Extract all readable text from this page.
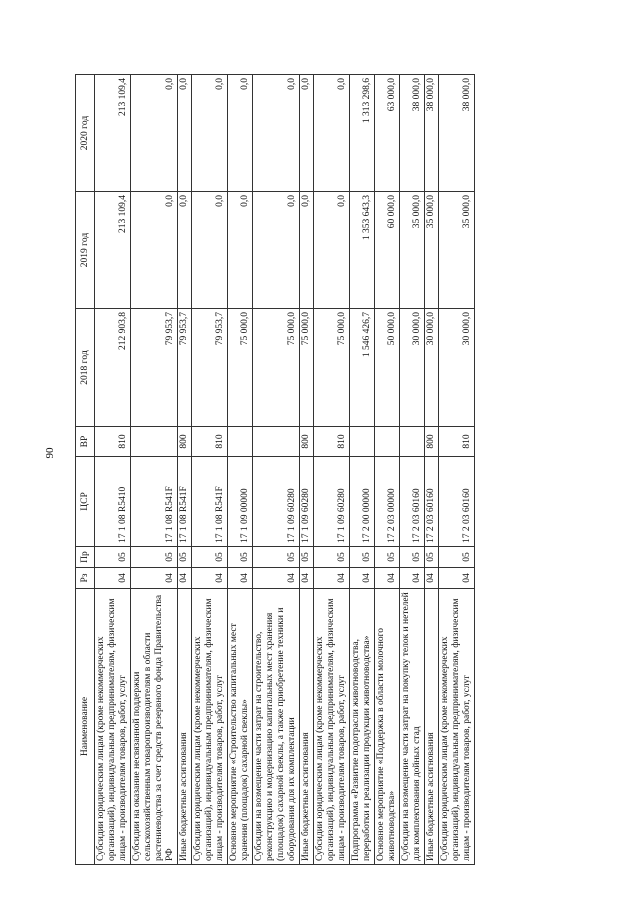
90
Наименование	Рз	Пр	ЦСР	ВР	2018 год	2019 год	2020 год
Субсидии юридическим лицам (кроме некоммерческих организаций), индивидуальным предпринимателям, физическим лицам - производителям товаров, работ, услуг	04	05	17 1 08 R5410	810	212 903,8	213 109,4	213 109,4
Субсидии на оказание несвязанной поддержки сельскохозяйственным товаропроизводителям в области растениеводства за счет средств резервного фонда Правительства РФ	04	05	17 1 08 R541F		79 953,7	0,0	0,0
Иные бюджетные ассигнования	04	05	17 1 08 R541F	800	79 953,7	0,0	0,0
Субсидии юридическим лицам (кроме некоммерческих организаций), индивидуальным предпринимателям, физическим лицам - производителям товаров, работ, услуг	04	05	17 1 08 R541F	810	79 953,7	0,0	0,0
Основное мероприятие «Строительство капитальных мест хранения (площадок) сахарной свеклы»	04	05	17 1 09 00000		75 000,0	0,0	0,0
Субсидии на возмещение части затрат на строительство, реконструкцию и модернизацию капитальных мест хранения (площадок) сахарной свеклы, а также приобретение техники и оборудования для их комплектации	04	05	17 1 09 60280		75 000,0	0,0	0,0
Иные бюджетные ассигнования	04	05	17 1 09 60280	800	75 000,0	0,0	0,0
Субсидии юридическим лицам (кроме некоммерческих организаций), индивидуальным предпринимателям, физическим лицам - производителям товаров, работ, услуг	04	05	17 1 09 60280	810	75 000,0	0,0	0,0
Подпрограмма «Развитие подотрасли животноводства, переработки и реализации продукции животноводства»	04	05	17 2 00 00000		1 546 426,7	1 353 643,3	1 313 298,6
Основное мероприятие «Поддержка в области молочного животноводства»	04	05	17 2 03 00000		50 000,0	60 000,0	63 000,0
Субсидии на возмещение части затрат на покупку телок и нетелей для комплектования дойных стад	04	05	17 2 03 60160		30 000,0	35 000,0	38 000,0
Иные бюджетные ассигнования	04	05	17 2 03 60160	800	30 000,0	35 000,0	38 000,0
Субсидии юридическим лицам (кроме некоммерческих организаций), индивидуальным предпринимателям, физическим лицам - производителям товаров, работ, услуг	04	05	17 2 03 60160	810	30 000,0	35 000,0	38 000,0
